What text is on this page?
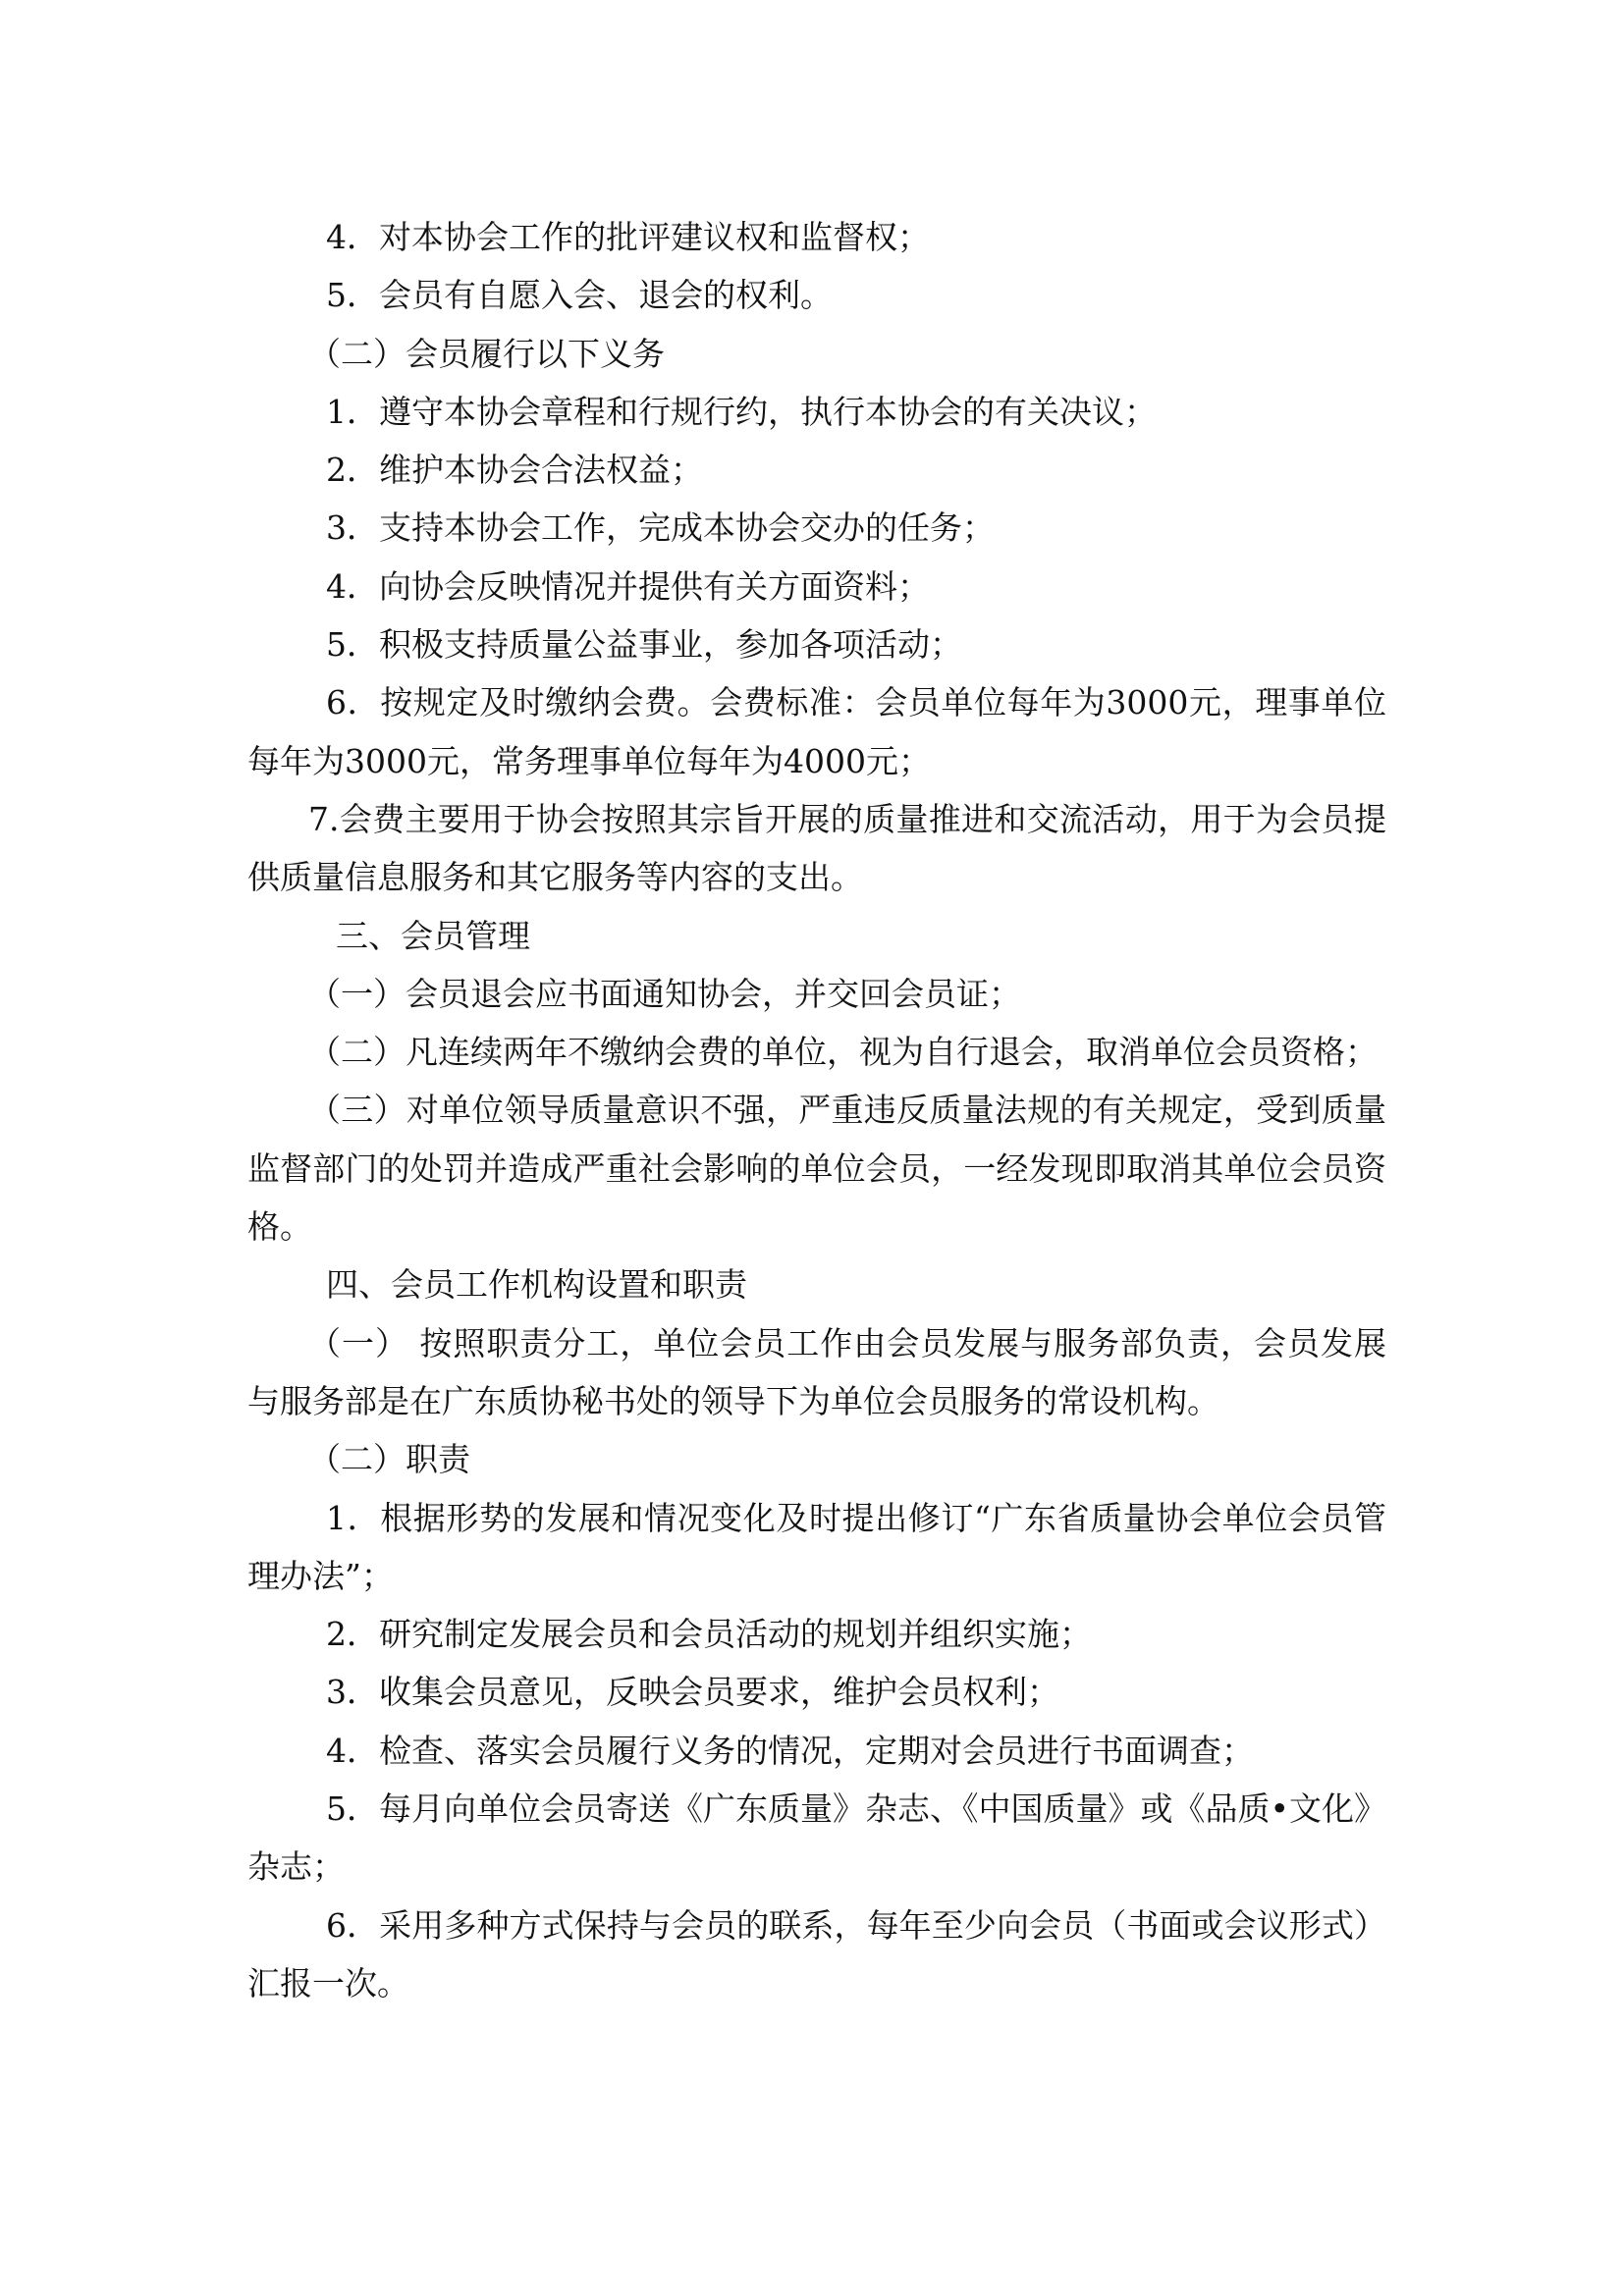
4．对本协会工作的批评建议权和监督权；

5．会员有自愿入会、退会的权利。

（二）会员履行以下义务

1．遵守本协会章程和行规行约，执行本协会的有关决议；

2．维护本协会合法权益；

3．支持本协会工作，完成本协会交办的任务；

4．向协会反映情况并提供有关方面资料；

5．积极支持质量公益事业，参加各项活动；

6．按规定及时缴纳会费。会费标准：会员单位每年为3000元，理事单位每年为3000元，常务理事单位每年为4000元；

7.会费主要用于协会按照其宗旨开展的质量推进和交流活动，用于为会员提供质量信息服务和其它服务等内容的支出。

三、会员管理

（一）会员退会应书面通知协会，并交回会员证；

（二）凡连续两年不缴纳会费的单位，视为自行退会，取消单位会员资格；

（三）对单位领导质量意识不强，严重违反质量法规的有关规定，受到质量监督部门的处罚并造成严重社会影响的单位会员，一经发现即取消其单位会员资格。

四、会员工作机构设置和职责

（一） 按照职责分工，单位会员工作由会员发展与服务部负责，会员发展与服务部是在广东质协秘书处的领导下为单位会员服务的常设机构。

（二）职责

1．根据形势的发展和情况变化及时提出修订“广东省质量协会单位会员管理办法”；

2．研究制定发展会员和会员活动的规划并组织实施；

3．收集会员意见，反映会员要求，维护会员权利；

4．检查、落实会员履行义务的情况，定期对会员进行书面调查；

5．每月向单位会员寄送《广东质量》杂志、《中国质量》或《品质•文化》杂志；

6．采用多种方式保持与会员的联系，每年至少向会员（书面或会议形式）汇报一次。
